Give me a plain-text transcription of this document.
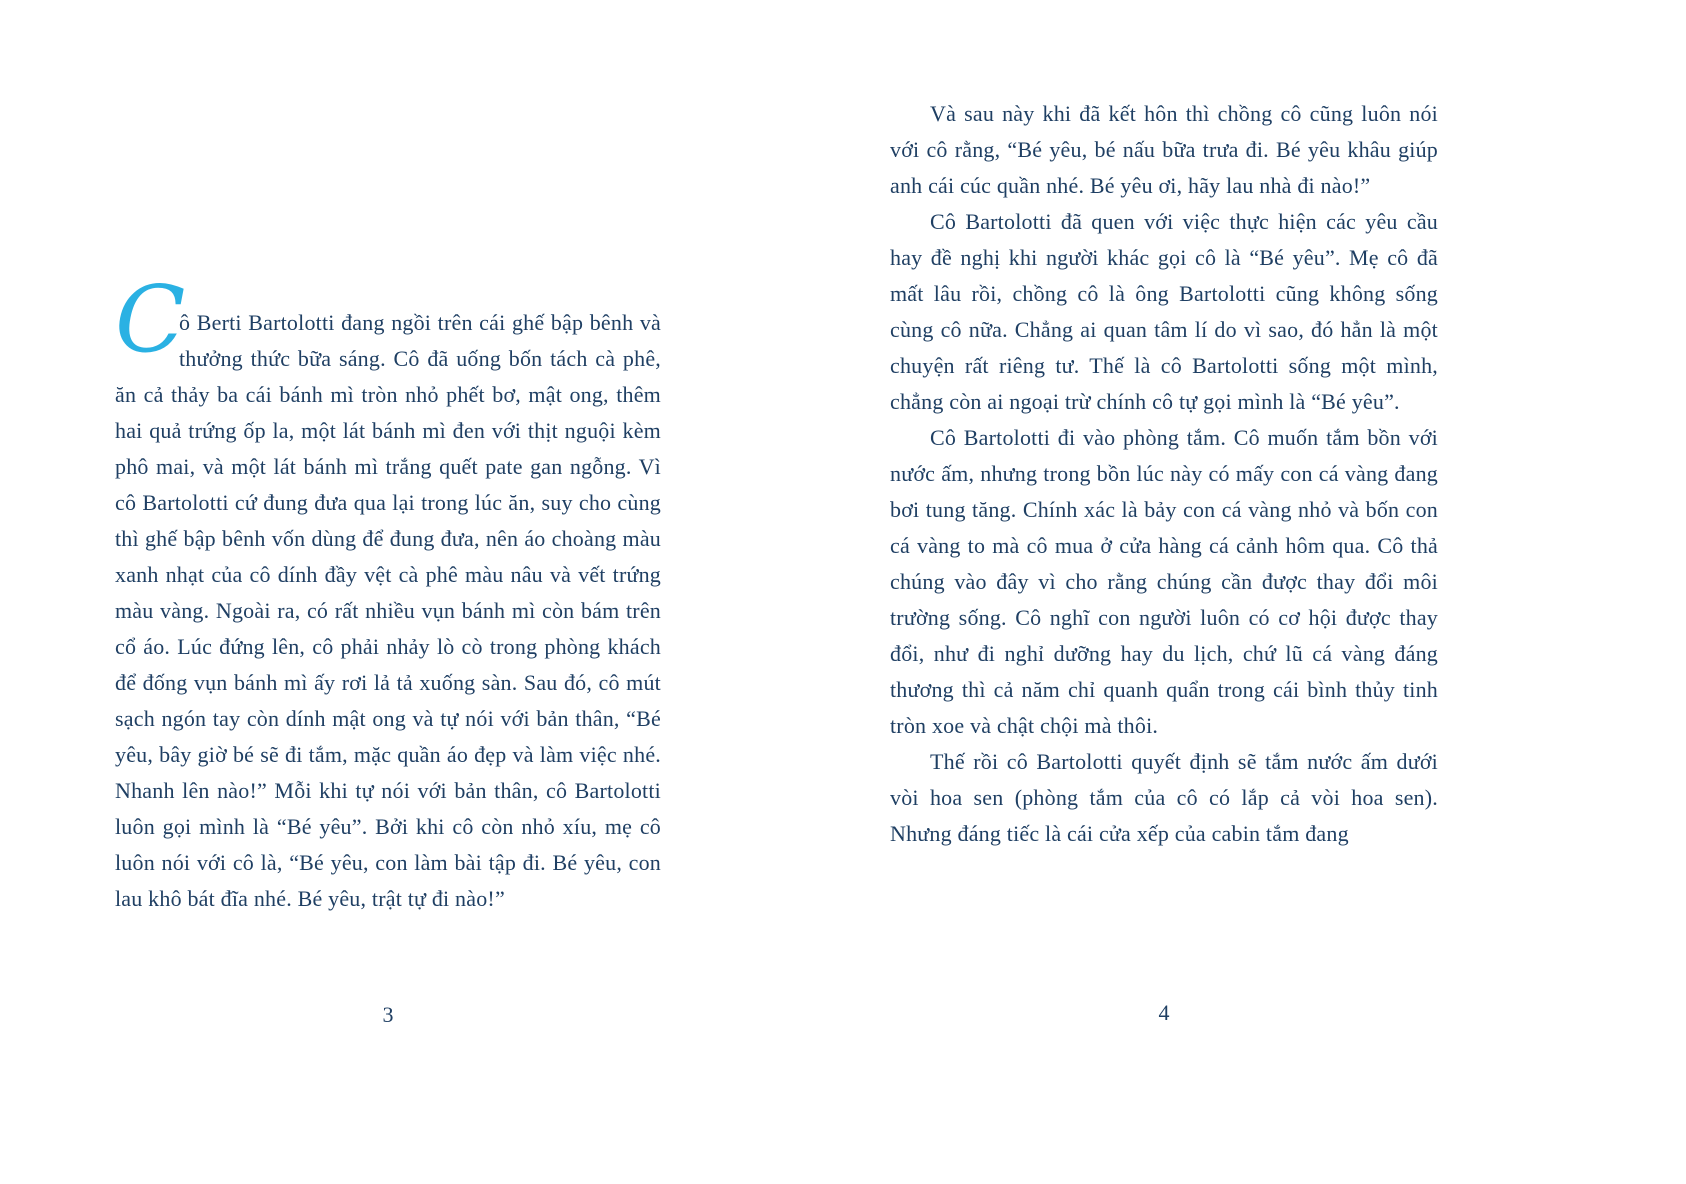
C
ô Berti Bartolotti đang ngồi trên cái ghế bập bênh và thưởng thức bữa sáng. Cô đã uống bốn tách cà phê, ăn cả thảy ba cái bánh mì tròn nhỏ phết bơ, mật ong, thêm hai quả trứng ốp la, một lát bánh mì đen với thịt nguội kèm phô mai, và một lát bánh mì trắng quết pate gan ngỗng. Vì cô Bartolotti cứ đung đưa qua lại trong lúc ăn, suy cho cùng thì ghế bập bênh vốn dùng để đung đưa, nên áo choàng màu xanh nhạt của cô dính đầy vệt cà phê màu nâu và vết trứng màu vàng. Ngoài ra, có rất nhiều vụn bánh mì còn bám trên cổ áo. Lúc đứng lên, cô phải nhảy lò cò trong phòng khách để đống vụn bánh mì ấy rơi lả tả xuống sàn. Sau đó, cô mút sạch ngón tay còn dính mật ong và tự nói với bản thân, “Bé yêu, bây giờ bé sẽ đi tắm, mặc quần áo đẹp và làm việc nhé. Nhanh lên nào!” Mỗi khi tự nói với bản thân, cô Bartolotti luôn gọi mình là “Bé yêu”. Bởi khi cô còn nhỏ xíu, mẹ cô luôn nói với cô là, “Bé yêu, con làm bài tập đi. Bé yêu, con lau khô bát đĩa nhé. Bé yêu, trật tự đi nào!”

Và sau này khi đã kết hôn thì chồng cô cũng luôn nói với cô rằng, “Bé yêu, bé nấu bữa trưa đi. Bé yêu khâu giúp anh cái cúc quần nhé. Bé yêu ơi, hãy lau nhà đi nào!”

Cô Bartolotti đã quen với việc thực hiện các yêu cầu hay đề nghị khi người khác gọi cô là “Bé yêu”. Mẹ cô đã mất lâu rồi, chồng cô là ông Bartolotti cũng không sống cùng cô nữa. Chẳng ai quan tâm lí do vì sao, đó hẳn là một chuyện rất riêng tư. Thế là cô Bartolotti sống một mình, chẳng còn ai ngoại trừ chính cô tự gọi mình là “Bé yêu”.

Cô Bartolotti đi vào phòng tắm. Cô muốn tắm bồn với nước ấm, nhưng trong bồn lúc này có mấy con cá vàng đang bơi tung tăng. Chính xác là bảy con cá vàng nhỏ và bốn con cá vàng to mà cô mua ở cửa hàng cá cảnh hôm qua. Cô thả chúng vào đây vì cho rằng chúng cần được thay đổi môi trường sống. Cô nghĩ con người luôn có cơ hội được thay đổi, như đi nghỉ dưỡng hay du lịch, chứ lũ cá vàng đáng thương thì cả năm chỉ quanh quẩn trong cái bình thủy tinh tròn xoe và chật chội mà thôi.

Thế rồi cô Bartolotti quyết định sẽ tắm nước ấm dưới vòi hoa sen (phòng tắm của cô có lắp cả vòi hoa sen). Nhưng đáng tiếc là cái cửa xếp của cabin tắm đang

3	4
